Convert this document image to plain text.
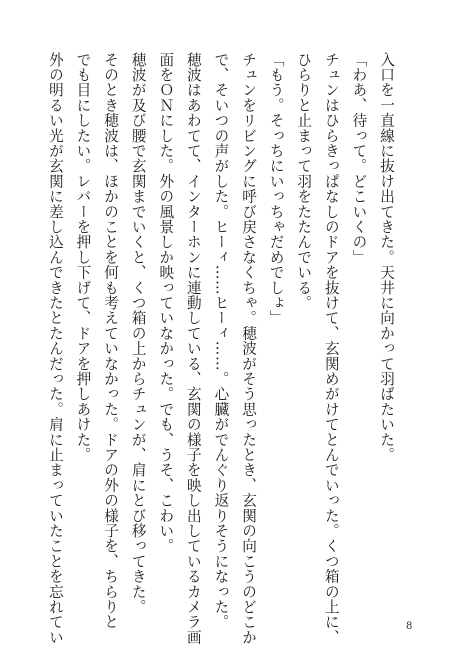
入口を一直線に抜け出てきた。天井に向かって羽ばたいた。
「わあ、待って。どこいくの」
チュンはひらきっぱなしのドアを抜けて、玄関めがけてとんでいった。くつ箱の上に、
ひらりと止まって羽をたたんでいる。
「もう。そっちにいっちゃだめでしょ」
チュンをリビングに呼び戻さなくちゃ。穂波がそう思ったとき、玄関の向こうのどこか
で、そいつの声がした。ヒーィ……ヒーィ……。心臓がでんぐり返りそうになった。
穂波はあわてて、インターホンに連動している、玄関の様子を映し出しているカメラ画
面をＯＮにした。外の風景しか映っていなかった。でも、うそ、こわい。
穂波が及び腰で玄関までいくと、くつ箱の上からチュンが、肩にとび移ってきた。
そのとき穂波は、ほかのことを何も考えていなかった。ドアの外の様子を、ちらりと
でも目にしたい。レバーを押し下げて、ドアを押しあけた。
外の明るい光が玄関に差し込んできたとたんだった。肩に止まっていたことを忘れてい	8
